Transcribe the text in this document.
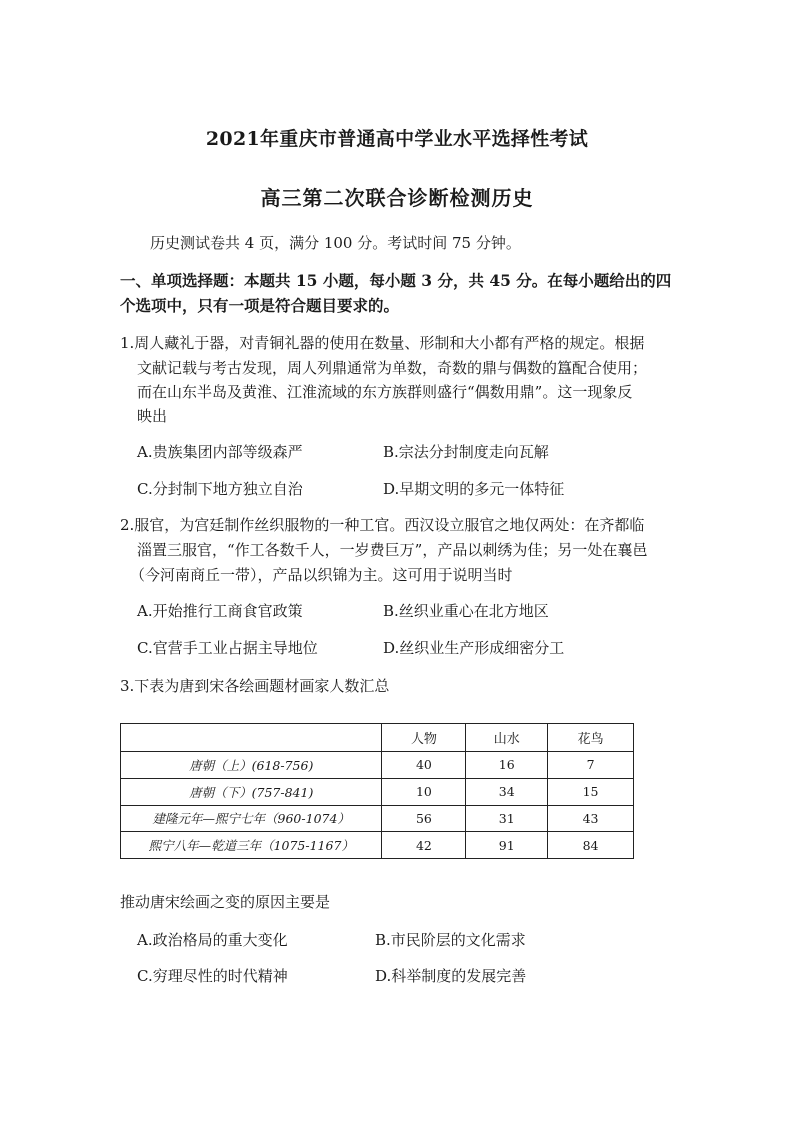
2021年重庆市普通高中学业水平选择性考试
高三第二次联合诊断检测历史
历史测试卷共 4 页，满分 100 分。考试时间 75 分钟。
一、单项选择题：本题共 15 小题，每小题 3 分，共 45 分。在每小题给出的四
个选项中，只有一项是符合题目要求的。
1.周人藏礼于器，对青铜礼器的使用在数量、形制和大小都有严格的规定。根据
文献记载与考古发现，周人列鼎通常为单数，奇数的鼎与偶数的簋配合使用；
而在山东半岛及黄淮、江淮流域的东方族群则盛行“偶数用鼎”。这一现象反
映出
A.贵族集团内部等级森严	B.宗法分封制度走向瓦解
C.分封制下地方独立自治	D.早期文明的多元一体特征
2.服官，为宫廷制作丝织服物的一种工官。西汉设立服官之地仅两处：在齐都临
淄置三服官，“作工各数千人，一岁费巨万”，产品以刺绣为佳；另一处在襄邑
（今河南商丘一带），产品以织锦为主。这可用于说明当时
A.开始推行工商食官政策	B.丝织业重心在北方地区
C.官营手工业占据主导地位	D.丝织业生产形成细密分工
3.下表为唐到宋各绘画题材画家人数汇总
	人物	山水	花鸟
唐朝（上）(618-756)	40	16	7
唐朝（下）(757-841)	10	34	15
建隆元年—熙宁七年（960-1074）	56	31	43
熙宁八年—乾道三年（1075-1167）	42	91	84
推动唐宋绘画之变的原因主要是
A.政治格局的重大变化	B.市民阶层的文化需求
C.穷理尽性的时代精神	D.科举制度的发展完善
